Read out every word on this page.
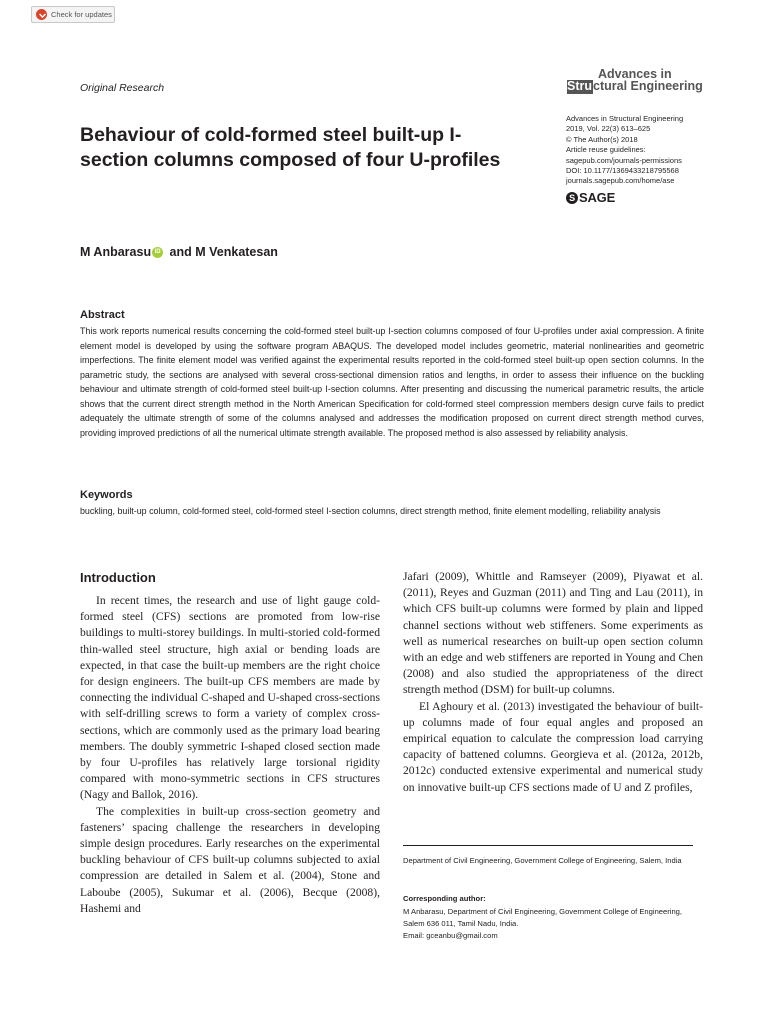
Check for updates
Original Research
Advances in
Stru ctural Engineering
Advances in Structural Engineering
2019, Vol. 22(3) 613–625
© The Author(s) 2018
Article reuse guidelines:
sagepub.com/journals-permissions
DOI: 10.1177/1369433218795568
journals.sagepub.com/home/ase
S SAGE
Behaviour of cold-formed steel built-up I-section columns composed of four U-profiles
M Anbarasu iD and M Venkatesan
Abstract
This work reports numerical results concerning the cold-formed steel built-up I-section columns composed of four U-profiles under axial compression. A finite element model is developed by using the software program ABAQUS. The developed model includes geometric, material nonlinearities and geometric imperfections. The finite element model was verified against the experimental results reported in the cold-formed steel built-up open section columns. In the parametric study, the sections are analysed with several cross-sectional dimension ratios and lengths, in order to assess their influence on the buckling behaviour and ultimate strength of cold-formed steel built-up I-section columns. After presenting and discussing the numerical parametric results, the article shows that the current direct strength method in the North American Specification for cold-formed steel compression members design curve fails to predict adequately the ultimate strength of some of the columns analysed and addresses the modification proposed on current direct strength method curves, providing improved predictions of all the numerical ultimate strength available. The proposed method is also assessed by reliability analysis.
Keywords
buckling, built-up column, cold-formed steel, cold-formed steel I-section columns, direct strength method, finite element modelling, reliability analysis
Introduction

In recent times, the research and use of light gauge cold-formed steel (CFS) sections are promoted from low-rise buildings to multi-storey buildings. In multi-storied cold-formed thin-walled steel structure, high axial or bending loads are expected, in that case the built-up members are the right choice for design engineers. The built-up CFS members are made by connecting the individual C-shaped and U-shaped cross-sections with self-drilling screws to form a variety of complex cross-sections, which are commonly used as the primary load bearing members. The doubly symmetric I-shaped closed section made by four U-profiles has relatively large torsional rigidity compared with mono-symmetric sections in CFS structures (Nagy and Ballok, 2016).

The complexities in built-up cross-section geometry and fasteners’ spacing challenge the researchers in developing simple design procedures. Early researches on the experimental buckling behaviour of CFS built-up columns subjected to axial compression are detailed in Salem et al. (2004), Stone and Laboube (2005), Sukumar et al. (2006), Becque (2008), Hashemi and

Jafari (2009), Whittle and Ramseyer (2009), Piyawat et al. (2011), Reyes and Guzman (2011) and Ting and Lau (2011), in which CFS built-up columns were formed by plain and lipped channel sections without web stiffeners. Some experiments as well as numerical researches on built-up open section column with an edge and web stiffeners are reported in Young and Chen (2008) and also studied the appropriateness of the direct strength method (DSM) for built-up columns.

El Aghoury et al. (2013) investigated the behaviour of built-up columns made of four equal angles and proposed an empirical equation to calculate the compression load carrying capacity of battened columns. Georgieva et al. (2012a, 2012b, 2012c) conducted extensive experimental and numerical study on innovative built-up CFS sections made of U and Z profiles,

Department of Civil Engineering, Government College of Engineering, Salem, India
Corresponding author:
M Anbarasu, Department of Civil Engineering, Government College of Engineering, Salem 636 011, Tamil Nadu, India.
Email: gceanbu@gmail.com
